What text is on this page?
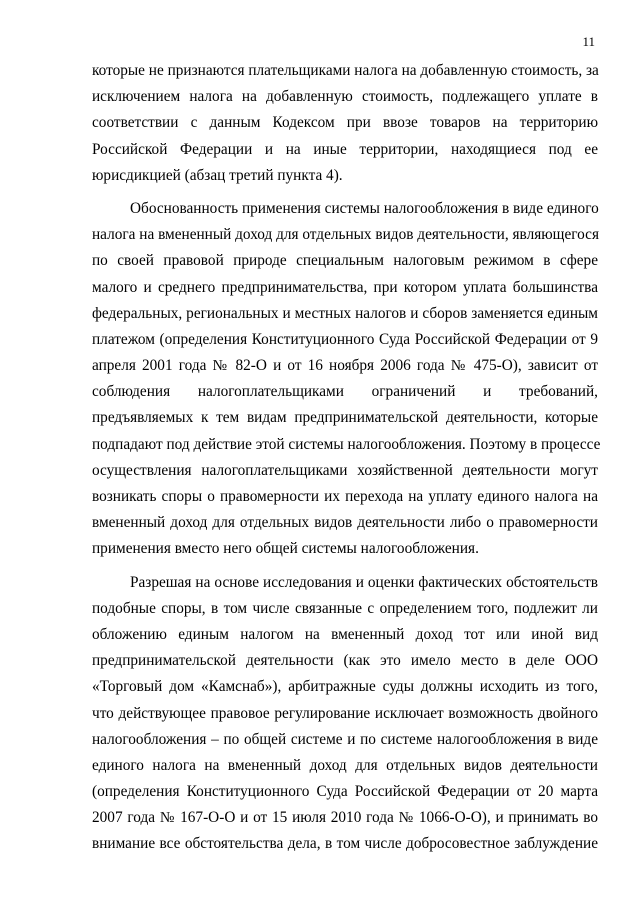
11
которые не признаются плательщиками налога на добавленную стоимость, за
исключением налога на добавленную стоимость, подлежащего уплате в
соответствии с данным Кодексом при ввозе товаров на территорию
Российской Федерации и на иные территории, находящиеся под ее
юрисдикцией (абзац третий пункта 4).
Обоснованность применения системы налогообложения в виде единого
налога на вмененный доход для отдельных видов деятельности, являющегося
по своей правовой природе специальным налоговым режимом в сфере
малого и среднего предпринимательства, при котором уплата большинства
федеральных, региональных и местных налогов и сборов заменяется единым
платежом (определения Конституционного Суда Российской Федерации от 9
апреля 2001 года № 82-О и от 16 ноября 2006 года № 475-О), зависит от
соблюдения налогоплательщиками ограничений и требований,
предъявляемых к тем видам предпринимательской деятельности, которые
подпадают под действие этой системы налогообложения. Поэтому в процессе
осуществления налогоплательщиками хозяйственной деятельности могут
возникать споры о правомерности их перехода на уплату единого налога на
вмененный доход для отдельных видов деятельности либо о правомерности
применения вместо него общей системы налогообложения.
Разрешая на основе исследования и оценки фактических обстоятельств
подобные споры, в том числе связанные с определением того, подлежит ли
обложению единым налогом на вмененный доход тот или иной вид
предпринимательской деятельности (как это имело место в деле ООО
«Торговый дом «Камснаб»), арбитражные суды должны исходить из того,
что действующее правовое регулирование исключает возможность двойного
налогообложения – по общей системе и по системе налогообложения в виде
единого налога на вмененный доход для отдельных видов деятельности
(определения Конституционного Суда Российской Федерации от 20 марта
2007 года № 167-О-О и от 15 июля 2010 года № 1066-О-О), и принимать во
внимание все обстоятельства дела, в том числе добросовестное заблуждение
